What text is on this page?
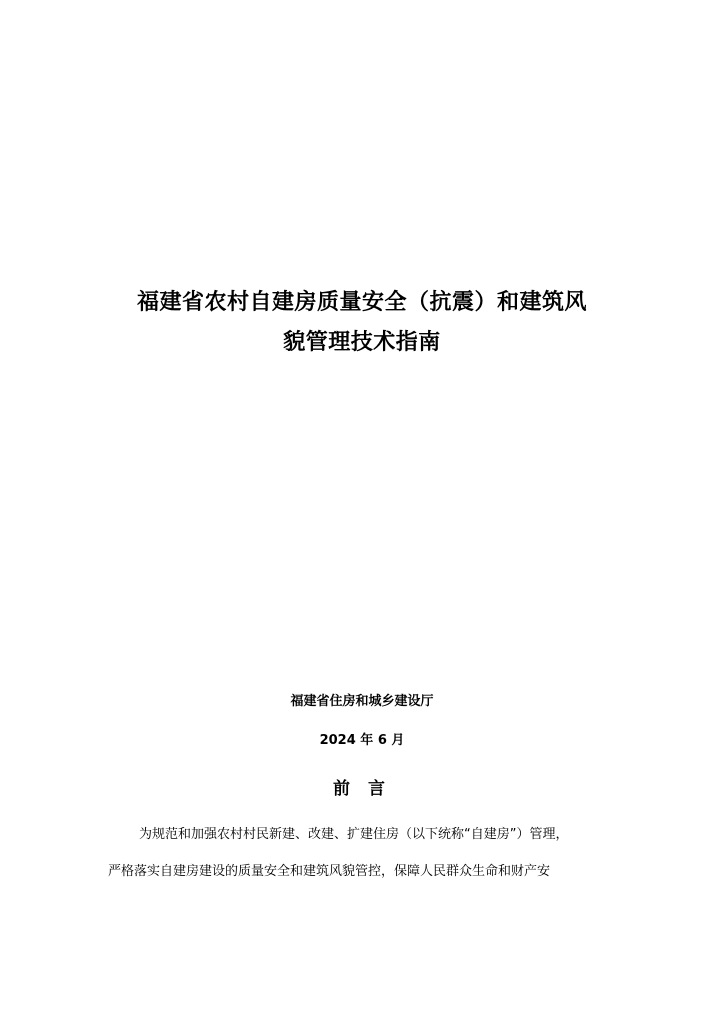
福建省农村自建房质量安全（抗震）和建筑风
貌管理技术指南
福建省住房和城乡建设厅
2024 年 6 月
前 言
为规范和加强农村村民新建、改建、扩建住房（以下统称“自建房”）管理，
严格落实自建房建设的质量安全和建筑风貌管控，保障人民群众生命和财产安
